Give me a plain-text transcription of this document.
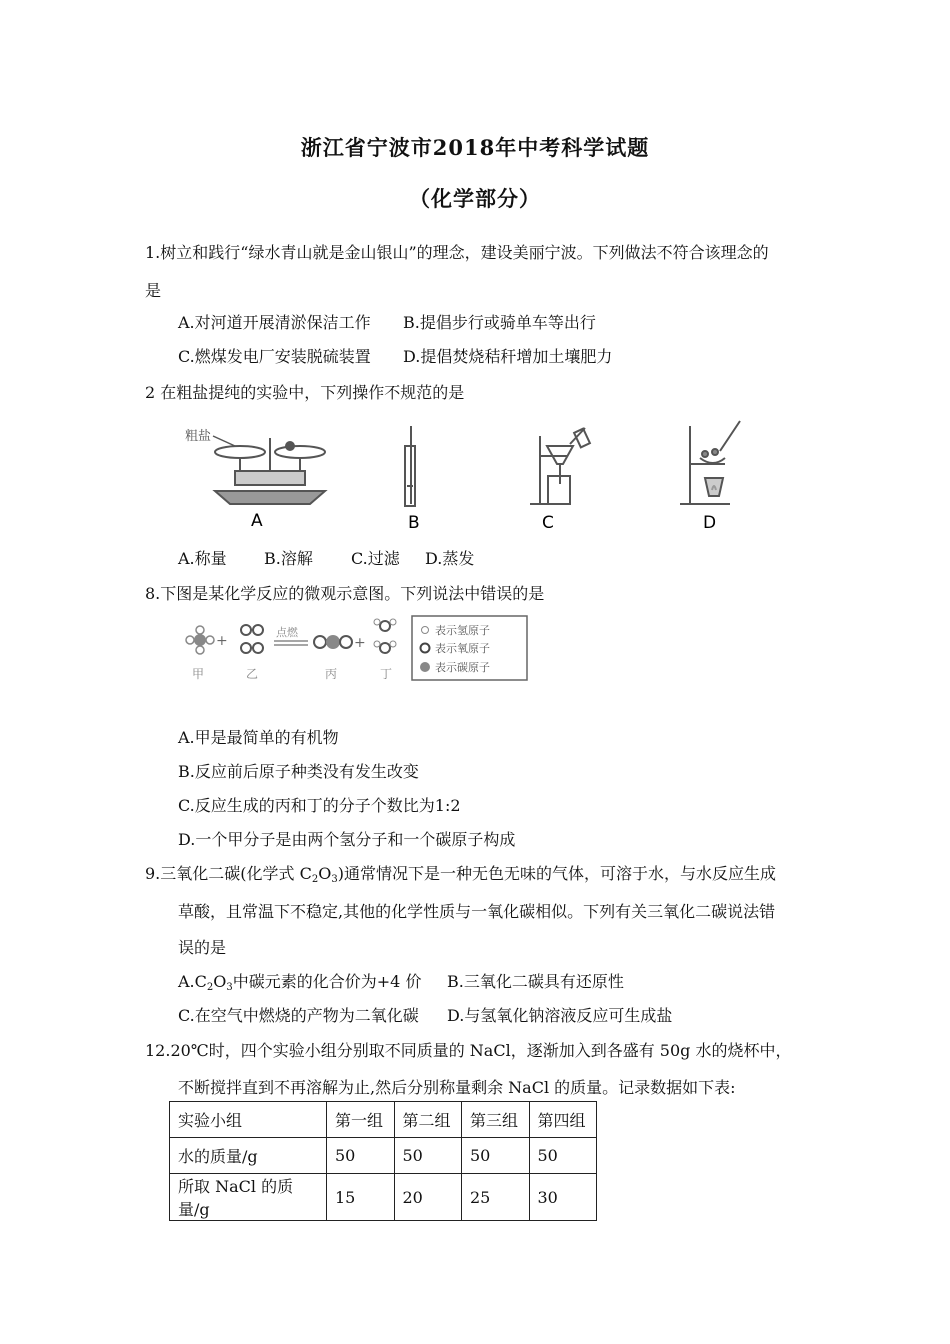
浙江省宁波市2018年中考科学试题
（化学部分）
1.树立和践行“绿水青山就是金山银山”的理念，建设美丽宁波。下列做法不符合该理念的
是
A.对河道开展清淤保洁工作 B.提倡步行或骑单车等出行
C.燃煤发电厂安装脱硫装置 D.提倡焚烧秸秆增加土壤肥力
2 在粗盐提纯的实验中，下列操作不规范的是
粗盐
A	B	C	D
A.称量 B.溶解 C.过滤 D.蒸发
8.下图是某化学反应的微观示意图。下列说法中错误的是
+
点燃
+
表示氢原子
表示氧原子
表示碳原子
甲	乙	丙	丁
A.甲是最简单的有机物
B.反应前后原子种类没有发生改变
C.反应生成的丙和丁的分子个数比为1:2
D.一个甲分子是由两个氢分子和一个碳原子构成
9.三氧化二碳(化学式 $C_2O_3$)通常情况下是一种无色无味的气体，可溶于水，与水反应生成
草酸，且常温下不稳定,其他的化学性质与一氧化碳相似。下列有关三氧化二碳说法错
误的是
$A.C_2O_3$中碳元素的化合价为+4 价 B.三氧化二碳具有还原性
C.在空气中燃烧的产物为二氧化碳 D.与氢氧化钠溶液反应可生成盐
12.20℃时，四个实验小组分别取不同质量的 NaCl，逐渐加入到各盛有 50g 水的烧杯中，
不断搅拌直到不再溶解为止,然后分别称量剩余 NaCl 的质量。记录数据如下表:
实验小组	第一组	第二组	第三组	第四组
水的质量/g	50	50	50	50
所取 NaCl 的质量/g	15	20	25	30
